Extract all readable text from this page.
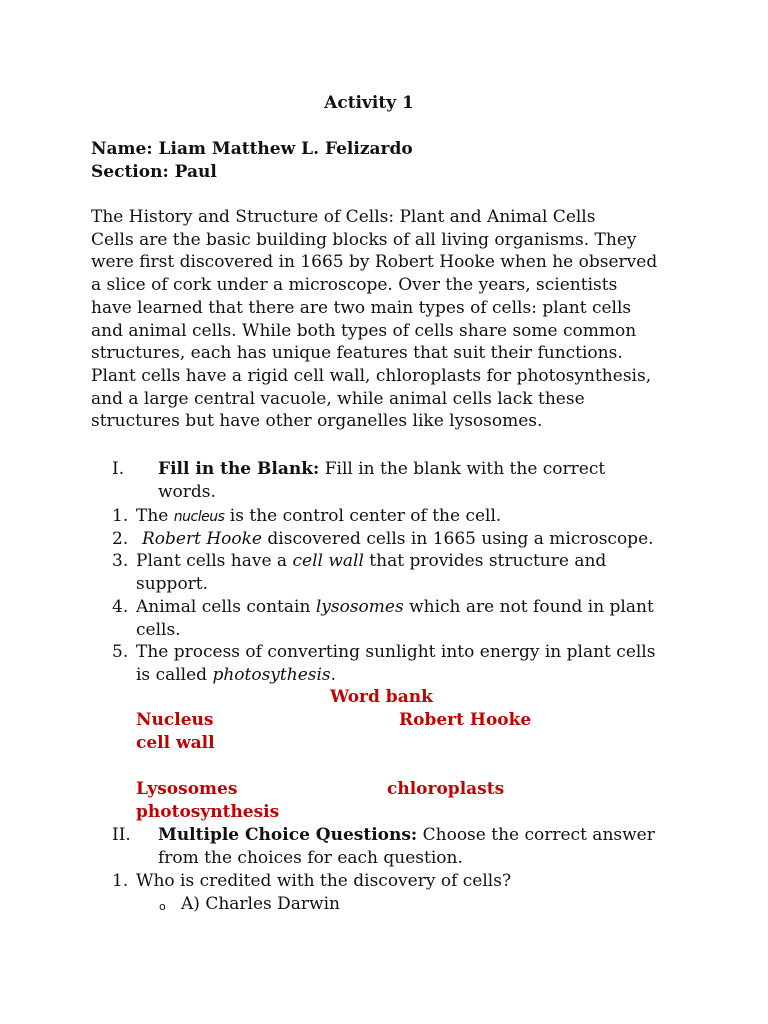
Activity 1
Name: Liam Matthew L. Felizardo
Section: Paul

The History and Structure of Cells: Plant and Animal Cells

Cells are the basic building blocks of all living organisms. They

were first discovered in 1665 by Robert Hooke when he observed

a slice of cork under a microscope. Over the years, scientists

have learned that there are two main types of cells: plant cells

and animal cells. While both types of cells share some common

structures, each has unique features that suit their functions.

Plant cells have a rigid cell wall, chloroplasts for photosynthesis,

and a large central vacuole, while animal cells lack these

structures but have other organelles like lysosomes.

I. Fill in the Blank: Fill in the blank with the correct
words.
1. The nucleus is the control center of the cell.
2. Robert Hooke discovered cells in 1665 using a microscope.
3. Plant cells have a cell wall that provides structure and
support.
4. Animal cells contain lysosomes which are not found in plant
cells.
5. The process of converting sunlight into energy in plant cells
is called photosythesis.
Word bank
Nucleus	Robert Hooke
cell wall
Lysosomes	chloroplasts
photosynthesis
II. Multiple Choice Questions: Choose the correct answer
from the choices for each question.
1. Who is credited with the discovery of cells?
o A) Charles Darwin
